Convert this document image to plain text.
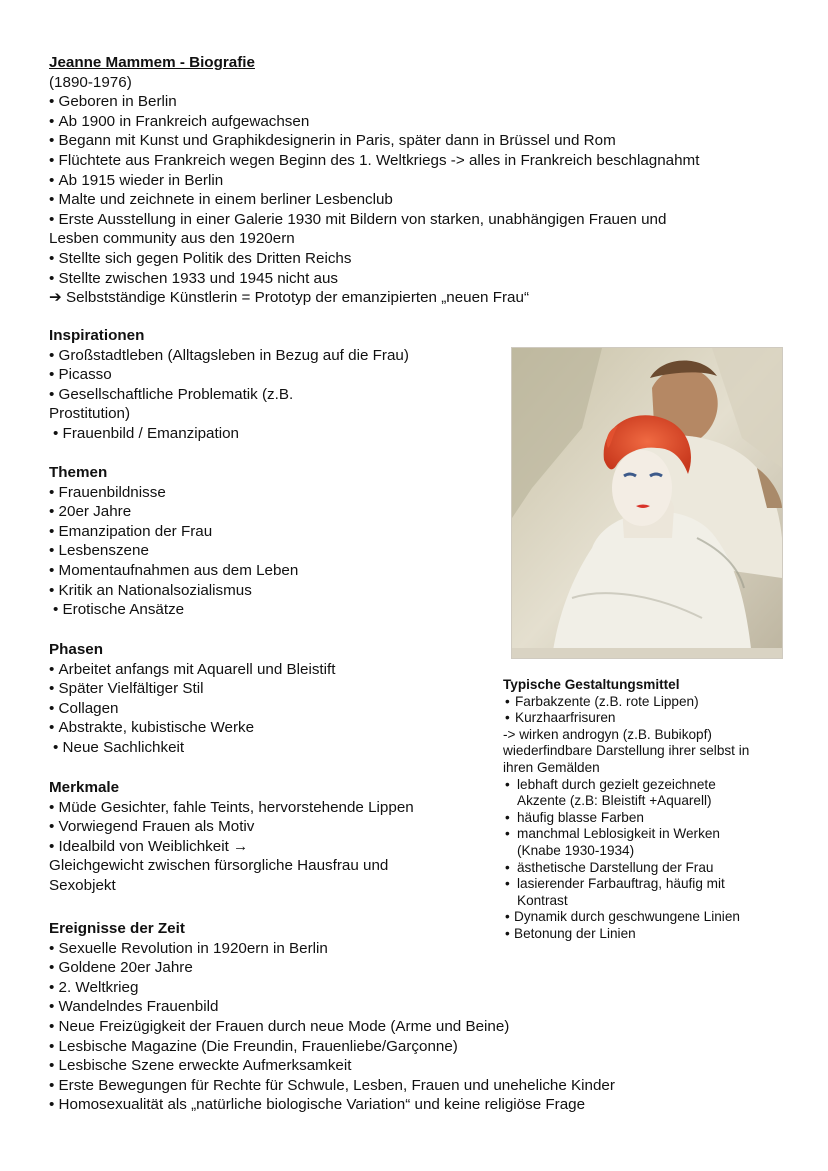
Jeanne Mammem - Biografie
(1890-1976)
• Geboren in Berlin
• Ab 1900 in Frankreich aufgewachsen
• Begann mit Kunst und Graphikdesignerin in Paris, später dann in Brüssel und Rom
• Flüchtete aus Frankreich wegen Beginn des 1. Weltkriegs -> alles in Frankreich beschlagnahmt
• Ab 1915 wieder in Berlin
• Malte und zeichnete in einem berliner Lesbenclub
• Erste Ausstellung in einer Galerie 1930 mit Bildern von starken, unabhängigen Frauen und
Lesben community aus den 1920ern
• Stellte sich gegen Politik des Dritten Reichs
• Stellte zwischen 1933 und 1945 nicht aus
➔ Selbstständige Künstlerin = Prototyp der emanzipierten „neuen Frau“
Inspirationen
• Großstadtleben (Alltagsleben in Bezug auf die Frau)
• Picasso
• Gesellschaftliche Problematik (z.B.
Prostitution)
• Frauenbild / Emanzipation
Themen
• Frauenbildnisse
• 20er Jahre
• Emanzipation der Frau
• Lesbenszene
• Momentaufnahmen aus dem Leben
• Kritik an Nationalsozialismus
• Erotische Ansätze
Phasen
• Arbeitet anfangs mit Aquarell und Bleistift
• Später Vielfältiger Stil
• Collagen
• Abstrakte, kubistische Werke
• Neue Sachlichkeit
Merkmale
• Müde Gesichter, fahle Teints, hervorstehende Lippen
• Vorwiegend Frauen als Motiv
• Idealbild von Weiblichkeit →
Gleichgewicht zwischen fürsorgliche Hausfrau und
Sexobjekt
Ereignisse der Zeit
• Sexuelle Revolution in 1920ern in Berlin
• Goldene 20er Jahre
• 2. Weltkrieg
• Wandelndes Frauenbild
• Neue Freizügigkeit der Frauen durch neue Mode (Arme und Beine)
• Lesbische Magazine (Die Freundin, Frauenliebe/Garçonne)
• Lesbische Szene erweckte Aufmerksamkeit
• Erste Bewegungen für Rechte für Schwule, Lesben, Frauen und uneheliche Kinder
• Homosexualität als „natürliche biologische Variation“ und keine religiöse Frage
Typische Gestaltungsmittel
• Farbakzente (z.B. rote Lippen)
• Kurzhaarfrisuren
-> wirken androgyn (z.B. Bubikopf)
wiederfindbare Darstellung ihrer selbst in
ihren Gemälden
• lebhaft durch gezielt gezeichnete
Akzente (z.B: Bleistift +Aquarell)
• häufig blasse Farben
• manchmal Leblosigkeit in Werken
(Knabe 1930-1934)
• ästhetische Darstellung der Frau
• lasierender Farbauftrag, häufig mit
Kontrast
• Dynamik durch geschwungene Linien
• Betonung der Linien
